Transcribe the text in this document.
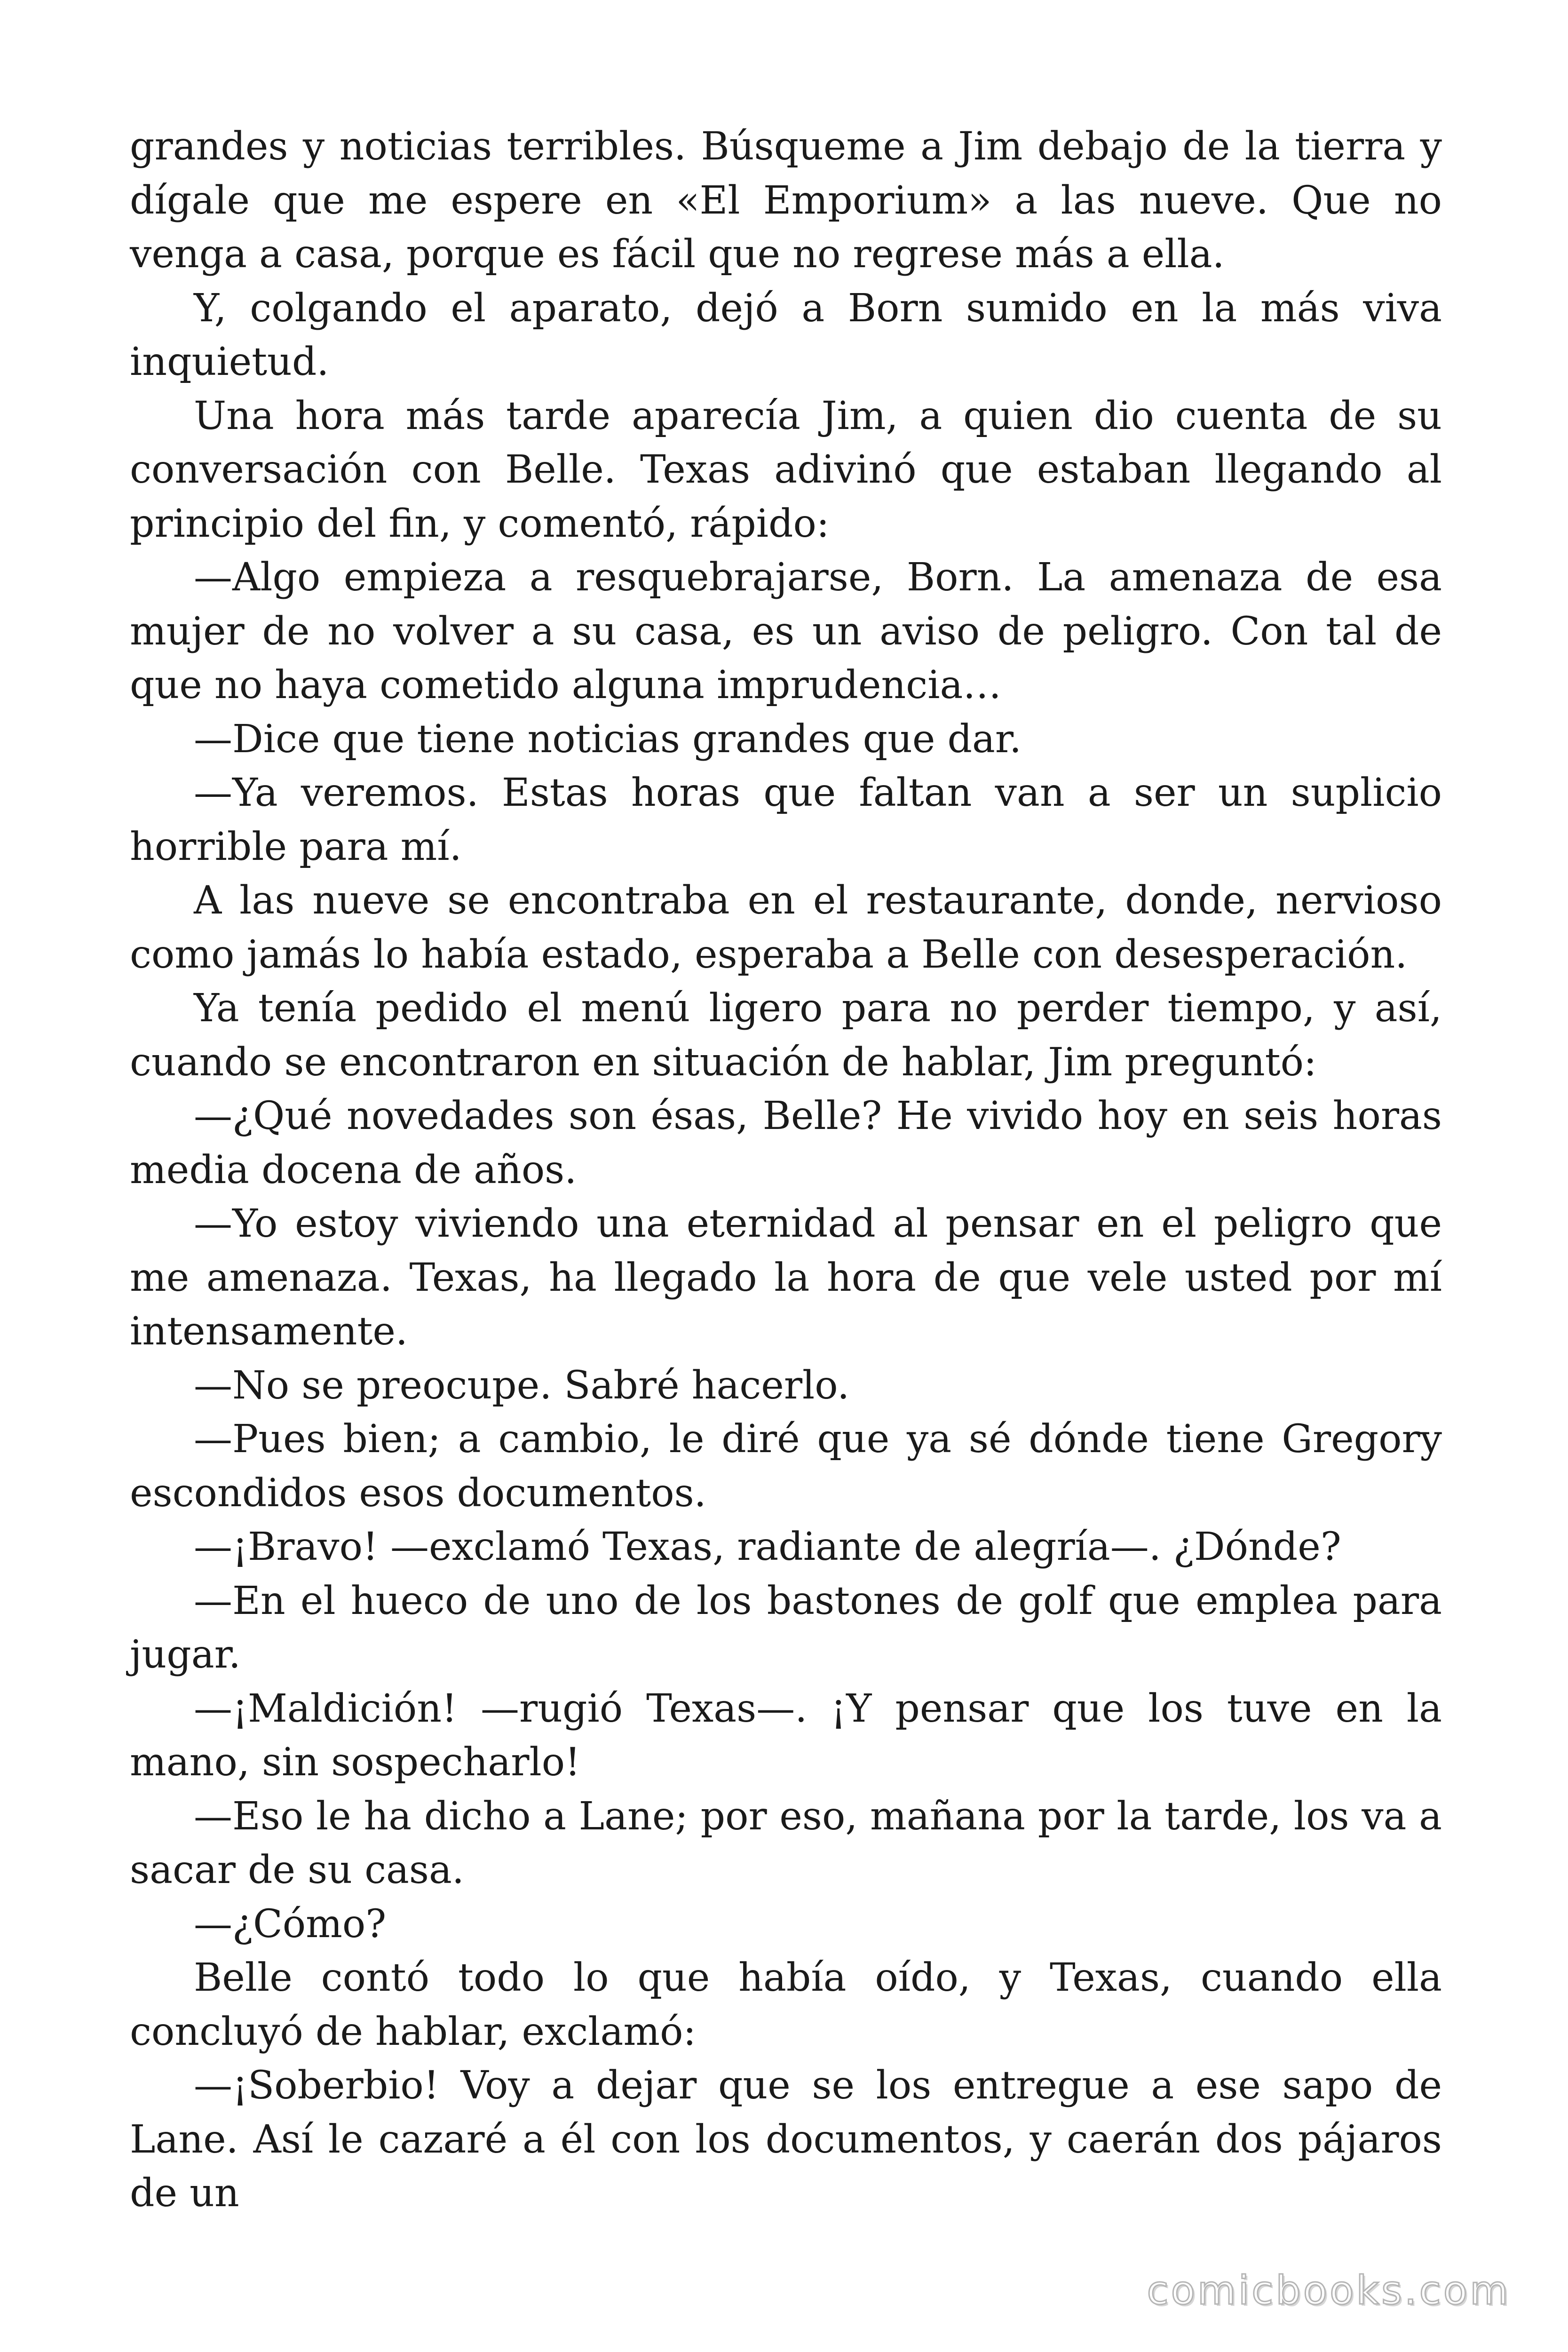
grandes y noticias terribles. Búsqueme a Jim debajo de la tierra y dígale que me espere en «El Emporium» a las nueve. Que no venga a casa, porque es fácil que no regrese más a ella.

Y, colgando el aparato, dejó a Born sumido en la más viva inquietud.

Una hora más tarde aparecía Jim, a quien dio cuenta de su conversación con Belle. Texas adivinó que estaban llegando al principio del fin, y comentó, rápido:

—Algo empieza a resquebrajarse, Born. La amenaza de esa mujer de no volver a su casa, es un aviso de peligro. Con tal de que no haya cometido alguna imprudencia…

—Dice que tiene noticias grandes que dar.

—Ya veremos. Estas horas que faltan van a ser un suplicio horrible para mí.

A las nueve se encontraba en el restaurante, donde, nervioso como jamás lo había estado, esperaba a Belle con desesperación.

Ya tenía pedido el menú ligero para no perder tiempo, y así, cuando se encontraron en situación de hablar, Jim preguntó:

—¿Qué novedades son ésas, Belle? He vivido hoy en seis horas media docena de años.

—Yo estoy viviendo una eternidad al pensar en el peligro que me amenaza. Texas, ha llegado la hora de que vele usted por mí intensamente.

—No se preocupe. Sabré hacerlo.

—Pues bien; a cambio, le diré que ya sé dónde tiene Gregory escondidos esos documentos.

—¡Bravo! —exclamó Texas, radiante de alegría—. ¿Dónde?

—En el hueco de uno de los bastones de golf que emplea para jugar.

—¡Maldición! —rugió Texas—. ¡Y pensar que los tuve en la mano, sin sospecharlo!

—Eso le ha dicho a Lane; por eso, mañana por la tarde, los va a sacar de su casa.

—¿Cómo?

Belle contó todo lo que había oído, y Texas, cuando ella concluyó de hablar, exclamó:

—¡Soberbio! Voy a dejar que se los entregue a ese sapo de Lane. Así le cazaré a él con los documentos, y caerán dos pájaros de un

comicbooks.com
